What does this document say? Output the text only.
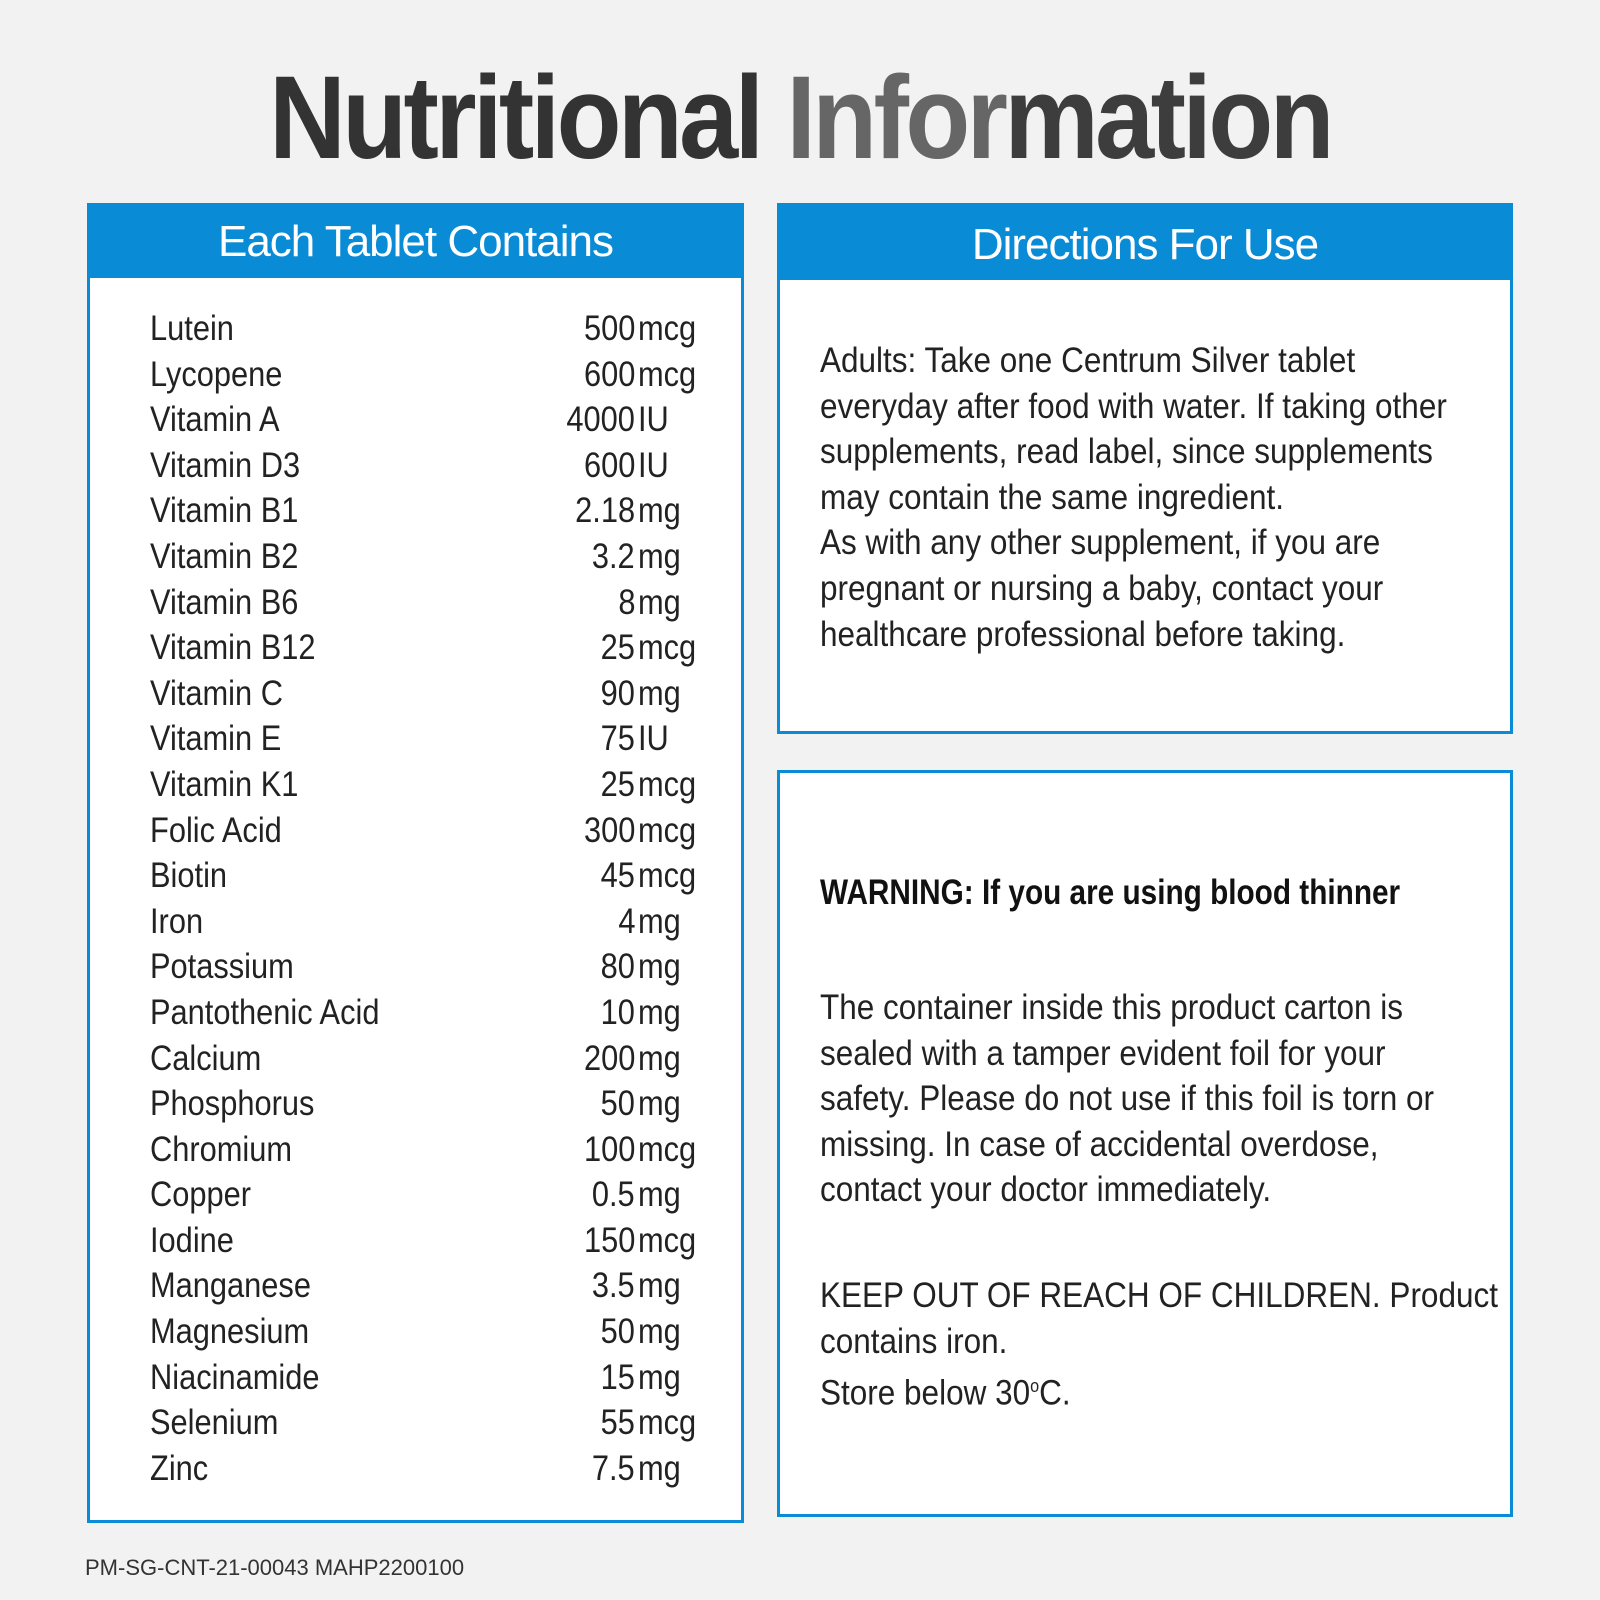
Nutritional Information
Each Tablet Contains
Lutein	500 mcg
Lycopene	600 mcg
Vitamin A	4000 IU
Vitamin D3	600 IU
Vitamin B1	2.18 mg
Vitamin B2	3.2 mg
Vitamin B6	8 mg
Vitamin B12	25 mcg
Vitamin C	90 mg
Vitamin E	75 IU
Vitamin K1	25 mcg
Folic Acid	300 mcg
Biotin	45 mcg
Iron	4 mg
Potassium	80 mg
Pantothenic Acid	10 mg
Calcium	200 mg
Phosphorus	50 mg
Chromium	100 mcg
Copper	0.5 mg
Iodine	150 mcg
Manganese	3.5 mg
Magnesium	50 mg
Niacinamide	15 mg
Selenium	55 mcg
Zinc	7.5 mg
Directions For Use
Adults: Take one Centrum Silver tablet
everyday after food with water. If taking other
supplements, read label, since supplements
may contain the same ingredient.
As with any other supplement, if you are
pregnant or nursing a baby, contact your
healthcare professional before taking.
WARNING: If you are using blood thinner
The container inside this product carton is
sealed with a tamper evident foil for your
safety. Please do not use if this foil is torn or
missing. In case of accidental overdose,
contact your doctor immediately.
KEEP OUT OF REACH OF CHILDREN. Product
contains iron.
Store below 30$^o$C.
PM-SG-CNT-21-00043 MAHP2200100
